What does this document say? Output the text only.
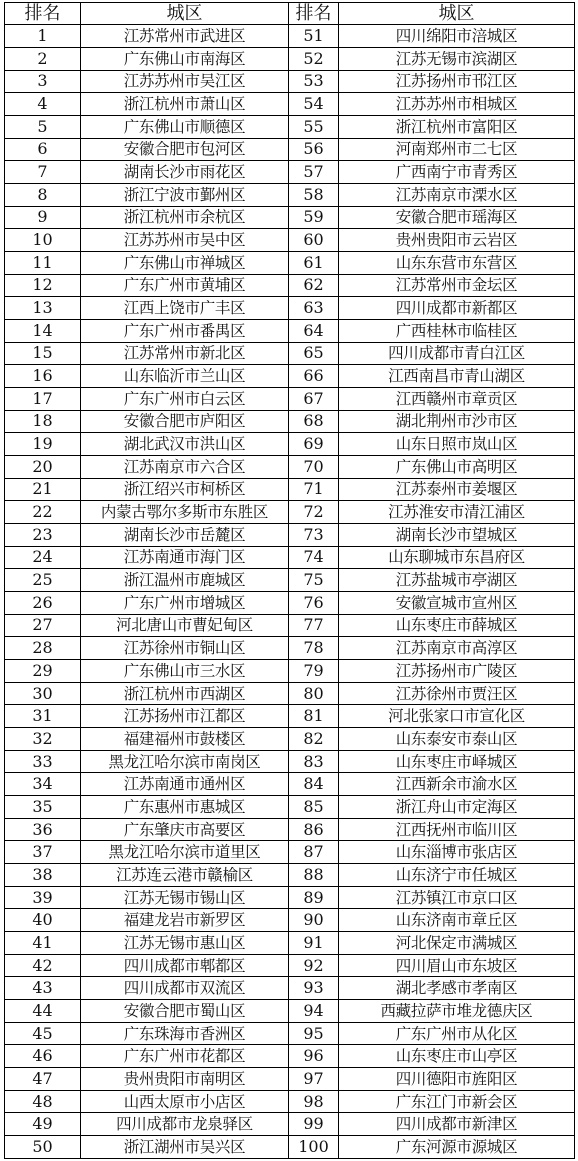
排名	城区	排名	城区
1	江苏常州市武进区	51	四川绵阳市涪城区
2	广东佛山市南海区	52	江苏无锡市滨湖区
3	江苏苏州市吴江区	53	江苏扬州市邗江区
4	浙江杭州市萧山区	54	江苏苏州市相城区
5	广东佛山市顺德区	55	浙江杭州市富阳区
6	安徽合肥市包河区	56	河南郑州市二七区
7	湖南长沙市雨花区	57	广西南宁市青秀区
8	浙江宁波市鄞州区	58	江苏南京市溧水区
9	浙江杭州市余杭区	59	安徽合肥市瑶海区
10	江苏苏州市吴中区	60	贵州贵阳市云岩区
11	广东佛山市禅城区	61	山东东营市东营区
12	广东广州市黄埔区	62	江苏常州市金坛区
13	江西上饶市广丰区	63	四川成都市新都区
14	广东广州市番禺区	64	广西桂林市临桂区
15	江苏常州市新北区	65	四川成都市青白江区
16	山东临沂市兰山区	66	江西南昌市青山湖区
17	广东广州市白云区	67	江西赣州市章贡区
18	安徽合肥市庐阳区	68	湖北荆州市沙市区
19	湖北武汉市洪山区	69	山东日照市岚山区
20	江苏南京市六合区	70	广东佛山市高明区
21	浙江绍兴市柯桥区	71	江苏泰州市姜堰区
22	内蒙古鄂尔多斯市东胜区	72	江苏淮安市清江浦区
23	湖南长沙市岳麓区	73	湖南长沙市望城区
24	江苏南通市海门区	74	山东聊城市东昌府区
25	浙江温州市鹿城区	75	江苏盐城市亭湖区
26	广东广州市增城区	76	安徽宣城市宣州区
27	河北唐山市曹妃甸区	77	山东枣庄市薛城区
28	江苏徐州市铜山区	78	江苏南京市高淳区
29	广东佛山市三水区	79	江苏扬州市广陵区
30	浙江杭州市西湖区	80	江苏徐州市贾汪区
31	江苏扬州市江都区	81	河北张家口市宣化区
32	福建福州市鼓楼区	82	山东泰安市泰山区
33	黑龙江哈尔滨市南岗区	83	山东枣庄市峄城区
34	江苏南通市通州区	84	江西新余市渝水区
35	广东惠州市惠城区	85	浙江舟山市定海区
36	广东肇庆市高要区	86	江西抚州市临川区
37	黑龙江哈尔滨市道里区	87	山东淄博市张店区
38	江苏连云港市赣榆区	88	山东济宁市任城区
39	江苏无锡市锡山区	89	江苏镇江市京口区
40	福建龙岩市新罗区	90	山东济南市章丘区
41	江苏无锡市惠山区	91	河北保定市满城区
42	四川成都市郫都区	92	四川眉山市东坡区
43	四川成都市双流区	93	湖北孝感市孝南区
44	安徽合肥市蜀山区	94	西藏拉萨市堆龙德庆区
45	广东珠海市香洲区	95	广东广州市从化区
46	广东广州市花都区	96	山东枣庄市山亭区
47	贵州贵阳市南明区	97	四川德阳市旌阳区
48	山西太原市小店区	98	广东江门市新会区
49	四川成都市龙泉驿区	99	四川成都市新津区
50	浙江湖州市吴兴区	100	广东河源市源城区
